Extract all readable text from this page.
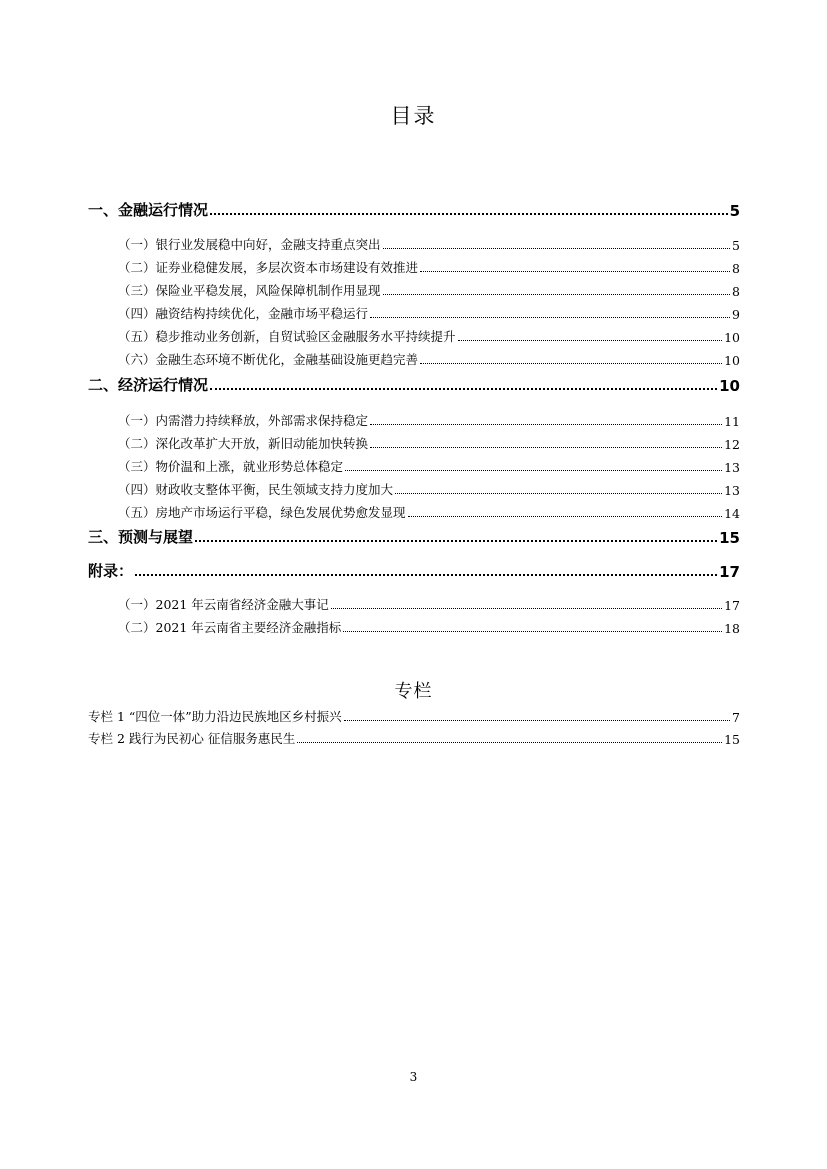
目录
一、金融运行情况	5
（一）银行业发展稳中向好，金融支持重点突出	5
（二）证券业稳健发展，多层次资本市场建设有效推进	8
（三）保险业平稳发展，风险保障机制作用显现	8
（四）融资结构持续优化，金融市场平稳运行	9
（五）稳步推动业务创新，自贸试验区金融服务水平持续提升	10
（六）金融生态环境不断优化，金融基础设施更趋完善	10
二、经济运行情况	10
（一）内需潜力持续释放，外部需求保持稳定	11
（二）深化改革扩大开放，新旧动能加快转换	12
（三）物价温和上涨，就业形势总体稳定	13
（四）财政收支整体平衡，民生领域支持力度加大	13
（五）房地产市场运行平稳，绿色发展优势愈发显现	14
三、预测与展望	15
附录：	17
（一）2021 年云南省经济金融大事记	17
（二）2021 年云南省主要经济金融指标	18
专栏
专栏 1 “四位一体”助力沿边民族地区乡村振兴	7
专栏 2 践行为民初心 征信服务惠民生	15
3
